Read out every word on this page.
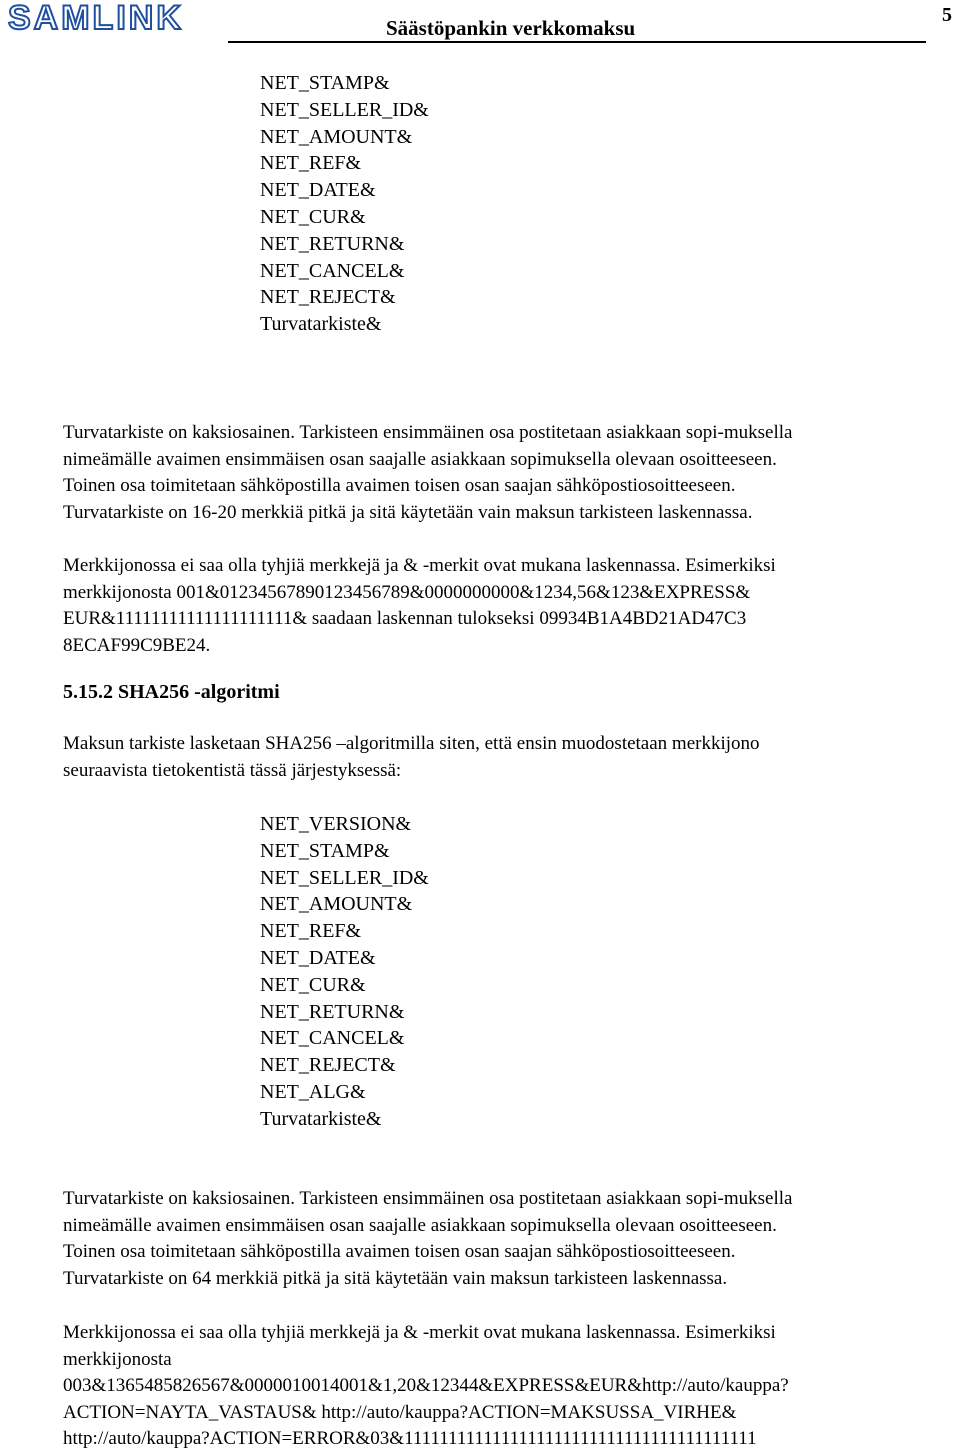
SAMLINK	Säästöpankin verkkomaksu
5
NET_STAMP&
NET_SELLER_ID&
NET_AMOUNT&
NET_REF&
NET_DATE&
NET_CUR&
NET_RETURN&
NET_CANCEL&
NET_REJECT&
Turvatarkiste&
Turvatarkiste on kaksiosainen. Tarkisteen ensimmäinen osa postitetaan asiakkaan sopi-muksella
nimeämälle avaimen ensimmäisen osan saajalle asiakkaan sopimuksella olevaan osoitteeseen.
Toinen osa toimitetaan sähköpostilla avaimen toisen osan saajan sähköpostiosoitteeseen.
Turvatarkiste on 16-20 merkkiä pitkä ja sitä käytetään vain maksun tarkisteen laskennassa.
Merkkijonossa ei saa olla tyhjiä merkkejä ja & -merkit ovat mukana laskennassa. Esimerkiksi
merkkijonosta 001&01234567890123456789&0000000000&1234,56&123&EXPRESS&
EUR&11111111111111111111& saadaan laskennan tulokseksi 09934B1A4BD21AD47C3
8ECAF99C9BE24.
5.15.2 SHA256 -algoritmi
Maksun tarkiste lasketaan SHA256 –algoritmilla siten, että ensin muodostetaan merkkijono
seuraavista tietokentistä tässä järjestyksessä:
NET_VERSION&
NET_STAMP&
NET_SELLER_ID&
NET_AMOUNT&
NET_REF&
NET_DATE&
NET_CUR&
NET_RETURN&
NET_CANCEL&
NET_REJECT&
NET_ALG&
Turvatarkiste&
Turvatarkiste on kaksiosainen. Tarkisteen ensimmäinen osa postitetaan asiakkaan sopi-muksella
nimeämälle avaimen ensimmäisen osan saajalle asiakkaan sopimuksella olevaan osoitteeseen.
Toinen osa toimitetaan sähköpostilla avaimen toisen osan saajan sähköpostiosoitteeseen.
Turvatarkiste on 64 merkkiä pitkä ja sitä käytetään vain maksun tarkisteen laskennassa.
Merkkijonossa ei saa olla tyhjiä merkkejä ja & -merkit ovat mukana laskennassa. Esimerkiksi
merkkijonosta
003&1365485826567&0000010014001&1,20&12344&EXPRESS&EUR&http://auto/kauppa?
ACTION=NAYTA_VASTAUS& http://auto/kauppa?ACTION=MAKSUSSA_VIRHE&
http://auto/kauppa?ACTION=ERROR&03&1111111111111111111111111111111111111111
